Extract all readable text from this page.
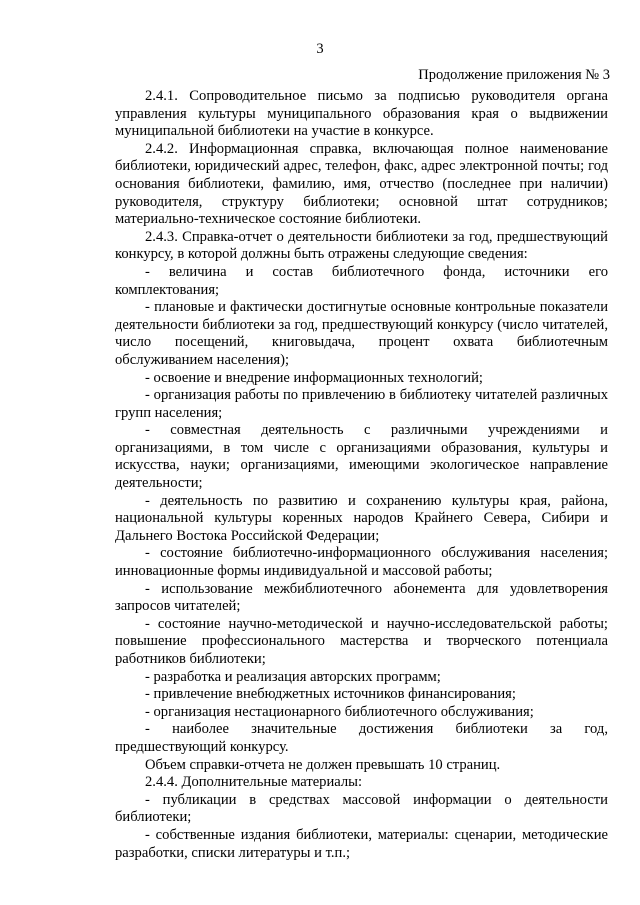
3
Продолжение приложения № 3

2.4.1. Сопроводительное письмо за подписью руководителя органа управления культуры муниципального образования края о выдвижении муниципальной библиотеки на участие в конкурсе.

2.4.2. Информационная справка, включающая полное наименование библиотеки, юридический адрес, телефон, факс, адрес электронной почты; год основания библиотеки, фамилию, имя, отчество (последнее при наличии) руководителя, структуру библиотеки; основной штат сотрудников; материально-техническое состояние библиотеки.

2.4.3. Справка-отчет о деятельности библиотеки за год, предшествующий конкурсу, в которой должны быть отражены следующие сведения:

- величина и состав библиотечного фонда, источники его комплектования;

- плановые и фактически достигнутые основные контрольные показатели деятельности библиотеки за год, предшествующий конкурсу (число читателей, число посещений, книговыдача, процент охвата библиотечным обслуживанием населения);

- освоение и внедрение информационных технологий;

- организация работы по привлечению в библиотеку читателей различных групп населения;

- совместная деятельность с различными учреждениями и организациями, в том числе с организациями образования, культуры и искусства, науки; организациями, имеющими экологическое направление деятельности;

- деятельность по развитию и сохранению культуры края, района, национальной культуры коренных народов Крайнего Севера, Сибири и Дальнего Востока Российской Федерации;

- состояние библиотечно-информационного обслуживания населения; инновационные формы индивидуальной и массовой работы;

- использование межбиблиотечного абонемента для удовлетворения запросов читателей;

- состояние научно-методической и научно-исследовательской работы; повышение профессионального мастерства и творческого потенциала работников библиотеки;

- разработка и реализация авторских программ;

- привлечение внебюджетных источников финансирования;

- организация нестационарного библиотечного обслуживания;

- наиболее значительные достижения библиотеки за год, предшествующий конкурсу.

Объем справки-отчета не должен превышать 10 страниц.

2.4.4. Дополнительные материалы:

- публикации в средствах массовой информации о деятельности библиотеки;

- собственные издания библиотеки, материалы: сценарии, методические разработки, списки литературы и т.п.;
